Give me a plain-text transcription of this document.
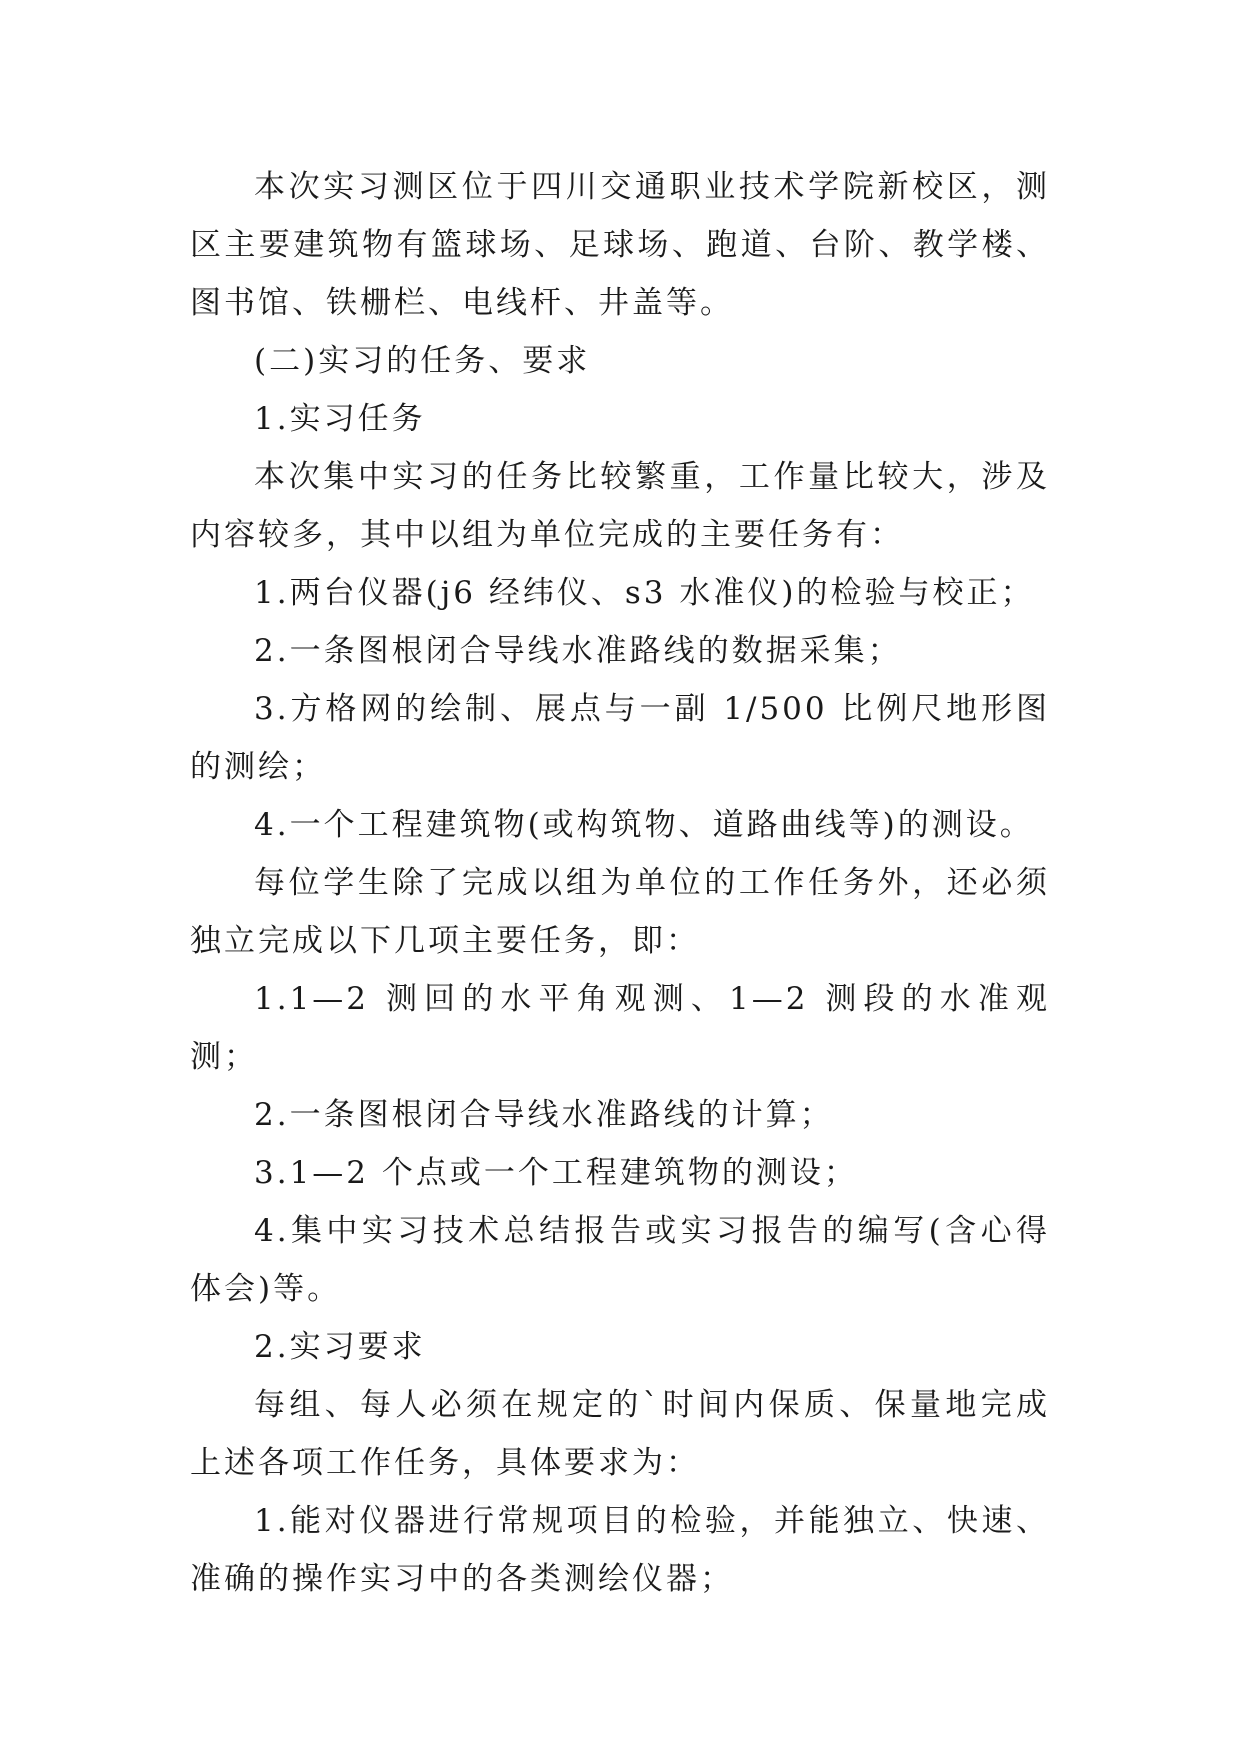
本次实习测区位于四川交通职业技术学院新校区，测区主要建筑物有篮球场、足球场、跑道、台阶、教学楼、图书馆、铁栅栏、电线杆、井盖等。

(二)实习的任务、要求

1.实习任务

本次集中实习的任务比较繁重，工作量比较大，涉及内容较多，其中以组为单位完成的主要任务有：

1.两台仪器(j6 经纬仪、s3 水准仪)的检验与校正；

2.一条图根闭合导线水准路线的数据采集；

3.方格网的绘制、展点与一副 1/500 比例尺地形图的测绘；

4.一个工程建筑物(或构筑物、道路曲线等)的测设。

每位学生除了完成以组为单位的工作任务外，还必须独立完成以下几项主要任务，即：

1.1—2 测回的水平角观测、1—2 测段的水准观测；

2.一条图根闭合导线水准路线的计算；

3.1—2 个点或一个工程建筑物的测设；

4.集中实习技术总结报告或实习报告的编写(含心得体会)等。

2.实习要求

每组、每人必须在规定的`时间内保质、保量地完成上述各项工作任务，具体要求为：

1.能对仪器进行常规项目的检验，并能独立、快速、准确的操作实习中的各类测绘仪器；
